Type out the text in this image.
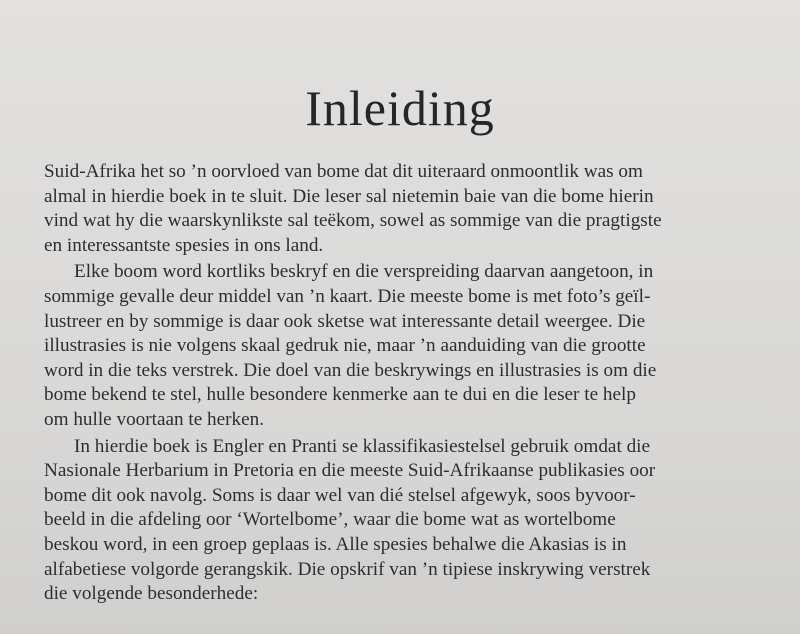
Inleiding

Suid-Afrika het so ’n oorvloed van bome dat dit uiteraard onmoontlik was om
almal in hierdie boek in te sluit. Die leser sal nietemin baie van die bome hierin
vind wat hy die waarskynlikste sal teëkom, sowel as sommige van die pragtigste
en interessantste spesies in ons land.

Elke boom word kortliks beskryf en die verspreiding daarvan aangetoon, in
sommige gevalle deur middel van ’n kaart. Die meeste bome is met foto’s geïl-
lustreer en by sommige is daar ook sketse wat interessante detail weergee. Die
illustrasies is nie volgens skaal gedruk nie, maar ’n aanduiding van die grootte
word in die teks verstrek. Die doel van die beskrywings en illustrasies is om die
bome bekend te stel, hulle besondere kenmerke aan te dui en die leser te help
om hulle voortaan te herken.

In hierdie boek is Engler en Pranti se klassifikasiestelsel gebruik omdat die
Nasionale Herbarium in Pretoria en die meeste Suid-Afrikaanse publikasies oor
bome dit ook navolg. Soms is daar wel van dié stelsel afgewyk, soos byvoor-
beeld in die afdeling oor ‘Wortelbome’, waar die bome wat as wortelbome
beskou word, in een groep geplaas is. Alle spesies behalwe die Akasias is in
alfabetiese volgorde gerangskik. Die opskrif van ’n tipiese inskrywing verstrek
die volgende besonderhede:
